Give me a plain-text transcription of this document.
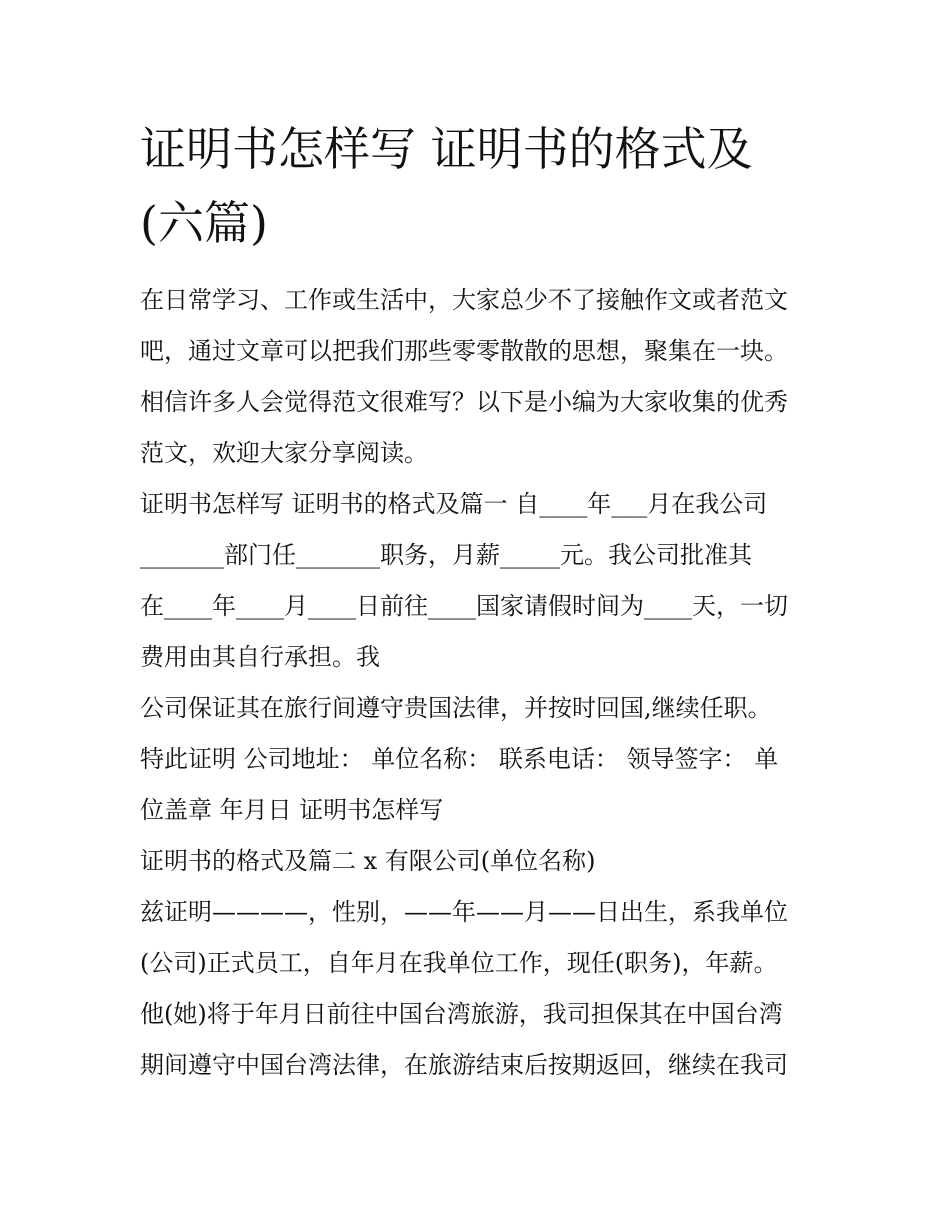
证明书怎样写 证明书的格式及
(六篇)
在日常学习、工作或生活中，大家总少不了接触作文或者范文
吧，通过文章可以把我们那些零零散散的思想，聚集在一块。
相信许多人会觉得范文很难写？以下是小编为大家收集的优秀
范文，欢迎大家分享阅读。
证明书怎样写 证明书的格式及篇一 自____年___月在我公司
_______部门任_______职务，月薪_____元。我公司批准其
在____年____月____日前往____国家请假时间为____天，一切
费用由其自行承担。我
公司保证其在旅行间遵守贵国法律，并按时回国,继续任职。
特此证明 公司地址： 单位名称： 联系电话： 领导签字： 单
位盖章 年月日 证明书怎样写
证明书的格式及篇二 x 有限公司(单位名称)
兹证明————，性别，——年——月——日出生，系我单位
(公司)正式员工，自年月在我单位工作，现任(职务)，年薪。
他(她)将于年月日前往中国台湾旅游，我司担保其在中国台湾
期间遵守中国台湾法律，在旅游结束后按期返回，继续在我司
